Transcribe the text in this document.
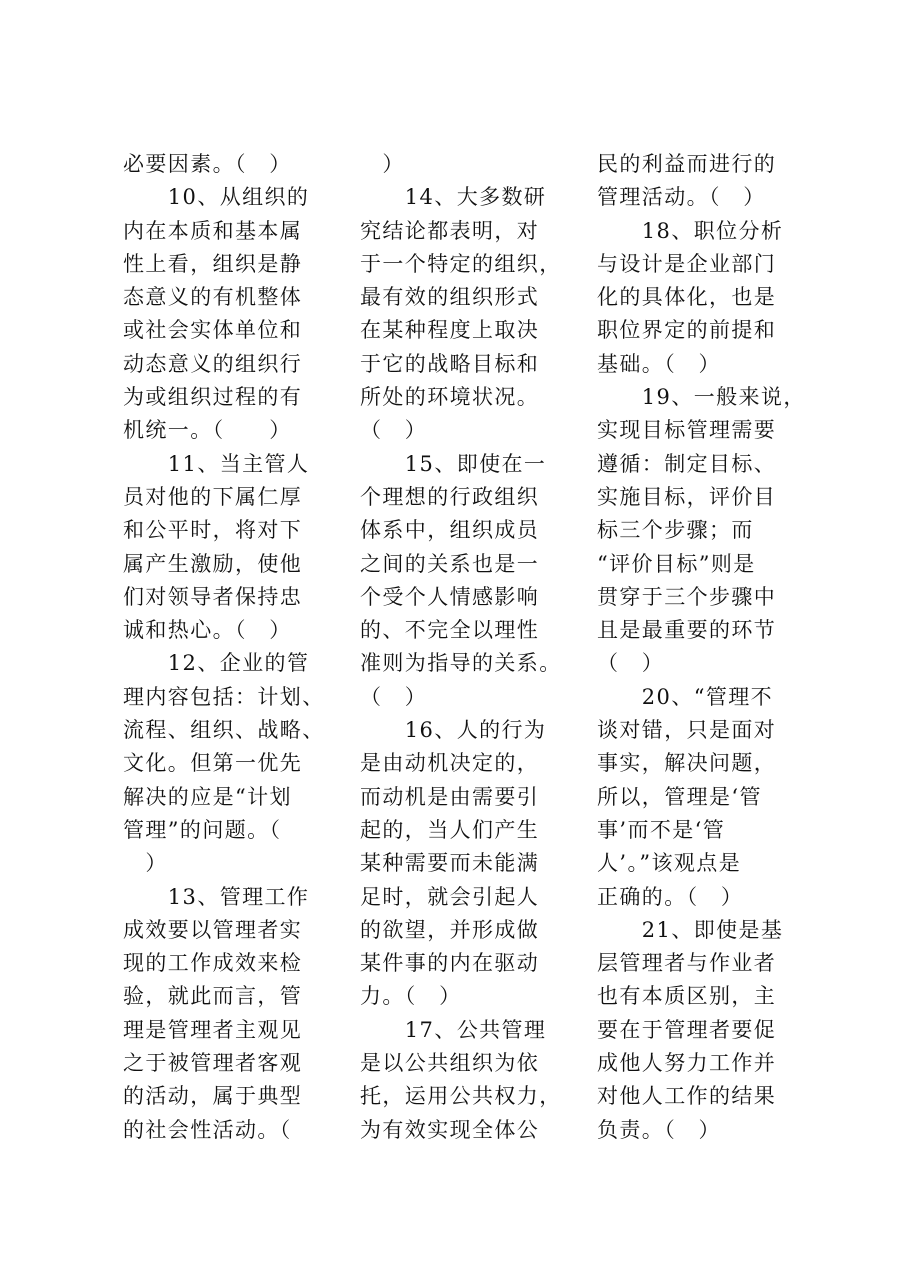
必要因素。（　）
　　10、从组织的
内在本质和基本属
性上看，组织是静
态意义的有机整体
或社会实体单位和
动态意义的组织行
为或组织过程的有
机统一。（　　）
　　11、当主管人
员对他的下属仁厚
和公平时，将对下
属产生激励，使他
们对领导者保持忠
诚和热心。（　）
　　12、企业的管
理内容包括：计划、
流程、组织、战略、
文化。但第一优先
解决的应是“计划
管理”的问题。（
　）
　　13、管理工作
成效要以管理者实
现的工作成效来检
验，就此而言，管
理是管理者主观见
之于被管理者客观
的活动，属于典型
的社会性活动。（
　）
　　14、大多数研
究结论都表明，对
于一个特定的组织，
最有效的组织形式
在某种程度上取决
于它的战略目标和
所处的环境状况。
（　）
　　15、即使在一
个理想的行政组织
体系中，组织成员
之间的关系也是一
个受个人情感影响
的、不完全以理性
准则为指导的关系。
（　）
　　16、人的行为
是由动机决定的，
而动机是由需要引
起的，当人们产生
某种需要而未能满
足时，就会引起人
的欲望，并形成做
某件事的内在驱动
力。（　）
　　17、公共管理
是以公共组织为依
托，运用公共权力，
为有效实现全体公
民的利益而进行的
管理活动。（　）
　　18、职位分析
与设计是企业部门
化的具体化，也是
职位界定的前提和
基础。（　）
　　19、一般来说，
实现目标管理需要
遵循：制定目标、
实施目标，评价目
标三个步骤；而
“评价目标”则是
贯穿于三个步骤中
且是最重要的环节
（　）
　　20、“管理不
谈对错，只是面对
事实，解决问题，
所以，管理是‘管
事’而不是‘管
人’。”该观点是
正确的。（　）
　　21、即使是基
层管理者与作业者
也有本质区别，主
要在于管理者要促
成他人努力工作并
对他人工作的结果
负责。（　）
